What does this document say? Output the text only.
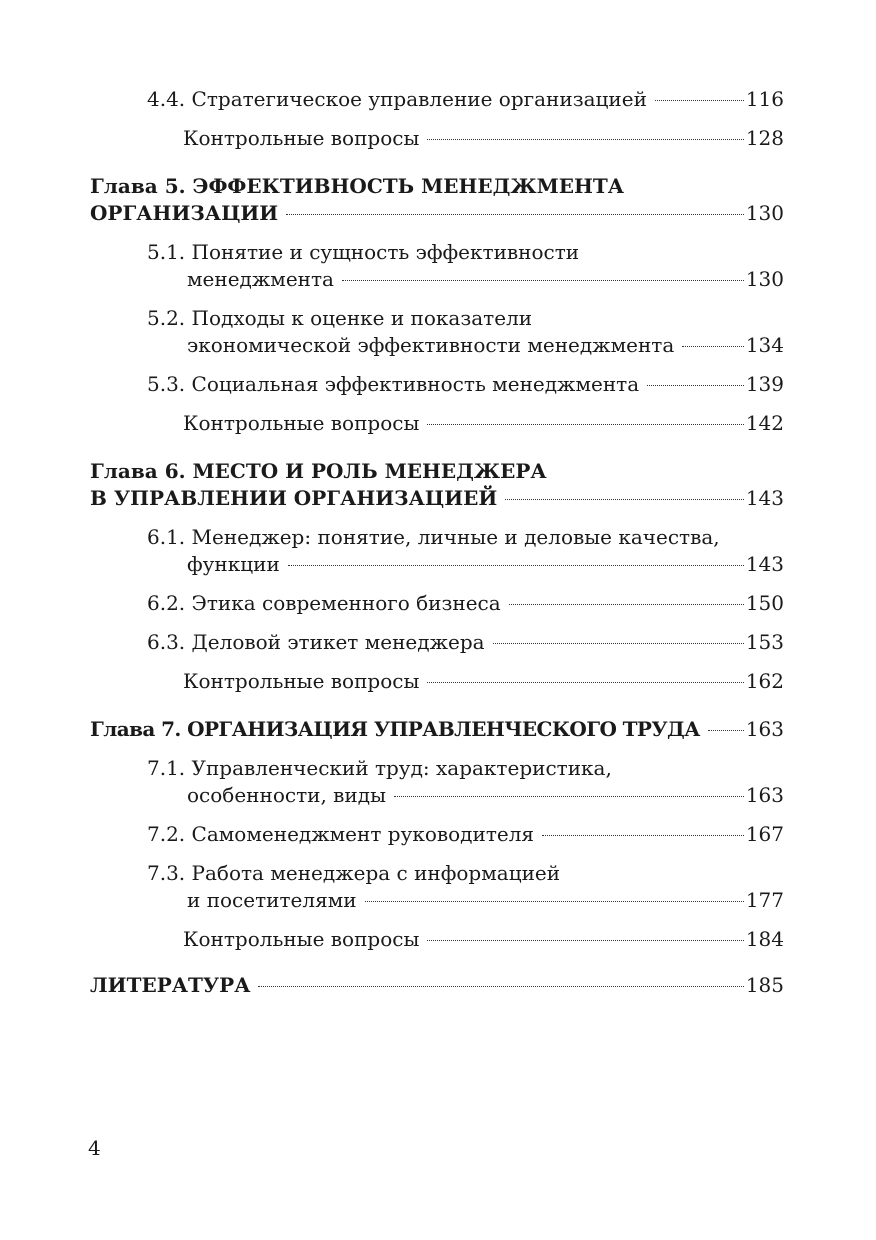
4.4. Стратегическое управление организацией	116
Контрольные вопросы	128
Глава 5. ЭФФЕКТИВНОСТЬ МЕНЕДЖМЕНТА
ОРГАНИЗАЦИИ	130
5.1. Понятие и сущность эффективности
менеджмента	130
5.2. Подходы к оценке и показатели
экономической эффективности менеджмента	134
5.3. Социальная эффективность менеджмента	139
Контрольные вопросы	142
Глава 6. МЕСТО И РОЛЬ МЕНЕДЖЕРА
В УПРАВЛЕНИИ ОРГАНИЗАЦИЕЙ	143
6.1. Менеджер: понятие, личные и деловые качества,
функции	143
6.2. Этика современного бизнеса	150
6.3. Деловой этикет менеджера	153
Контрольные вопросы	162
Глава 7. ОРГАНИЗАЦИЯ УПРАВЛЕНЧЕСКОГО ТРУДА 163
7.1. Управленческий труд: характеристика,
особенности, виды	163
7.2. Самоменеджмент руководителя	167
7.3. Работа менеджера с информацией
и посетителями	177
Контрольные вопросы	184
ЛИТЕРАТУРА	185
4
